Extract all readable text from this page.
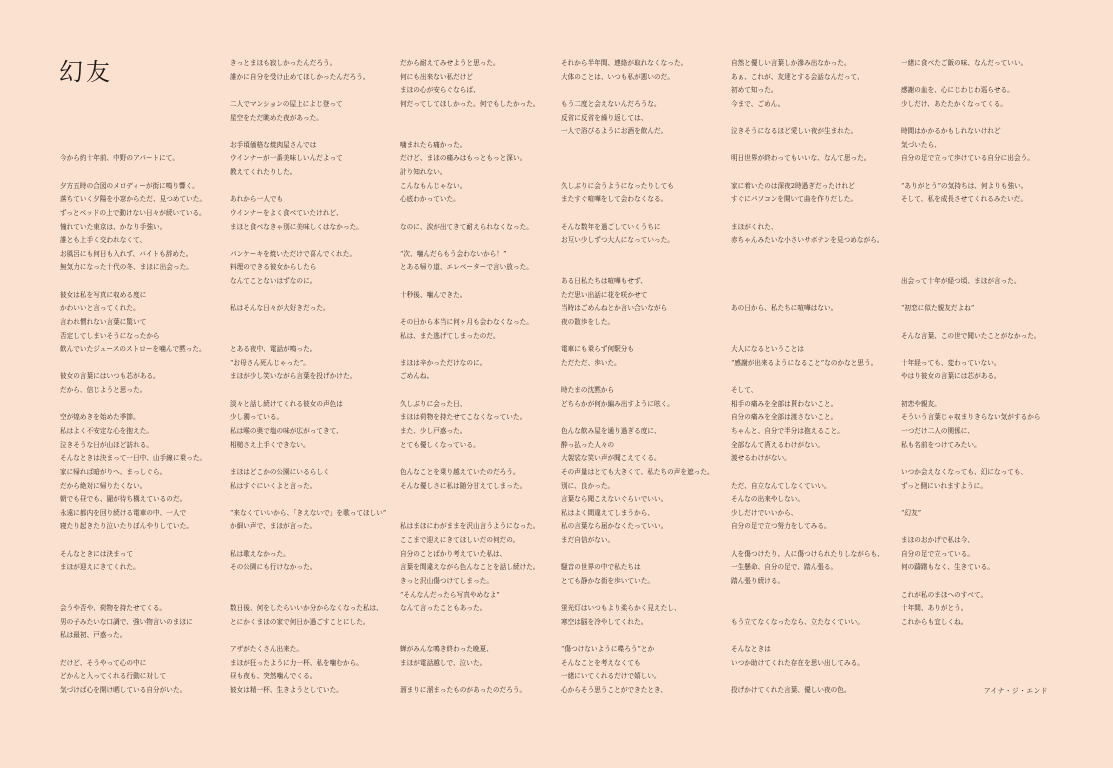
幻友
今から約十年前、中野のアパートにて。
夕方五時の合図のメロディーが街に鳴り響く。
落ちていく夕陽を小窓からただ、見つめていた。
ずっとベッドの上で動けない日々が続いている。
憧れていた東京は、かなり手強い。
誰とも上手く交われなくて、
お風呂にも何日も入れず、バイトも辞めた。
無気力になった十代の冬、まほに出会った。
彼女は私を写真に収める度に
かわいいと言ってくれた。
言われ慣れない言葉に驚いて
否定してしまいそうになったから
飲んでいたジュースのストローを噛んで黙った。
彼女の言葉にはいつも芯がある。
だから、信じようと思った。
空が煌めきを始めた季節。
私はよく不安定な心を抱えた。
泣きそうな日が山ほど訪れる。
そんなときは決まって一日中、山手線に乗った。
家に帰れば暗がりへ、まっしぐら。
だから絶対に帰りたくない。
朝でも昼でも、闇が待ち構えているのだ。
永遠に都内を回り続ける電車の中、一人で
寝たり起きたり泣いたりぼんやりしていた。
そんなときには決まって
まほが迎えにきてくれた。
会うや否や、荷物を持たせてくる。
男の子みたいな口調で、強い物言いのまほに
私は最初、戸惑った。
だけど、そうやって心の中に
どかんと入ってくれる行動に対して
気づけば心を開け晒している自分がいた。
きっとまほも寂しかったんだろう。
誰かに自分を受け止めてほしかったんだろう。
二人でマンションの屋上によじ登って
星空をただ眺めた夜があった。
お手頃価格な焼肉屋さんでは
ウインナーが一番美味しいんだよって
教えてくれたりした。
あれから一人でも
ウインナーをよく食べていたけれど、
まほと食べなきゃ別に美味しくはなかった。
パンケーキを焼いただけで喜んでくれた。
料理のできる彼女からしたら
なんてことないはずなのに。
私はそんな日々が大好きだった。
とある夜中、電話が鳴った。
“お母さん死んじゃった”。
まほが少し笑いながら言葉を投げかけた。
淡々と話し続けてくれる彼女の声色は
少し濁っている。
私は喉の奥で塩の味が広がってきて、
相槌さえ上手くできない。
まほはどこかの公園にいるらしく
私はすぐにいくよと言った。
“来なくていいから、「きえないで」を歌ってほしい”
か細い声で、まほが言った。
私は歌えなかった。
その公園にも行けなかった。
数日後、何をしたらいいか分からなくなった私は、
とにかくまほの家で何日か過ごすことにした。
アザがたくさん出来た。
まほが狂ったように力一杯、私を噛むから。
昼も夜も、突然噛んでくる。
彼女は精一杯、生きようとしていた。
だから耐えてみせようと思った。
何にも出来ない私だけど
まほの心が安らぐならば、
何だってしてほしかった。何でもしたかった。
噛まれたら痛かった。
だけど、まほの痛みはもっともっと深い。
計り知れない。
こんなもんじゃない。
心底わかっていた。
なのに、涙が出てきて耐えられなくなった。
“次、噛んだらもう会わないから！”
とある帰り道、エレベーターで言い放った。
十秒後、噛んできた。
その日から本当に何ヶ月も会わなくなった。
私は、また逃げてしまったのだ。
まほは辛かっただけなのに。
ごめんね。
久しぶりに会った日、
まほは荷物を持たせてこなくなっていた。
また、少し戸惑った。
とても優しくなっている。
色んなことを乗り越えていたのだろう。
そんな優しさに私は随分甘えてしまった。
私はまほにわがままを沢山言うようになった。
ここまで迎えにきてほしいだの何だの。
自分のことばかり考えていた私は、
言葉を間違えながら色んなことを話し続けた。
きっと沢山傷つけてしまった。
“そんなんだったら写真やめなよ”
なんて言ったこともあった。
蝉がみんな鳴き終わった晩夏、
まほが電話越しで、泣いた。
溜まりに溜まったものがあったのだろう。
それから半年間、連絡が取れなくなった。
大体のことは、いつも私が悪いのだ。
もう二度と会えないんだろうな。
反省に反省を繰り返しては、
一人で浴びるようにお酒を飲んだ。
久しぶりに会うようになったりしても
またすぐ喧嘩をして会わなくなる。
そんな数年を過ごしていくうちに
お互い少しずつ大人になっていった。
ある日私たちは喧嘩もせず、
ただ思い出話に花を咲かせて
当時はごめんねとか言い合いながら
夜の散歩をした。
電車にも乗らず何駅分も
ただただ、歩いた。
時たまの沈黙から
どちらかが何か編み出すように呟く。
色んな飲み屋を通り過ぎる度に、
酔っ払った人々の
大袈裟な笑い声が聞こえてくる。
その声量はとても大きくて、私たちの声を遮った。
別に、良かった。
言葉なら聞こえないぐらいでいい。
私はよく間違えてしまうから、
私の言葉なら届かなくたっていい。
まだ自信がない。
騒音の世界の中で私たちは
とても静かな街を歩いていた。
蛍光灯はいつもより柔らかく見えたし、
寒空は脳を冷やしてくれた。
“傷つけないように喋ろう”とか
そんなことを考えなくても
一緒にいてくれるだけで嬉しい。
心からそう思うことができたとき、
自然と優しい言葉しか滲み出なかった。
あぁ、これが、友達とする会話なんだって、
初めて知った。
今まで、ごめん。
泣きそうになるほど愛しい夜が生まれた。
明日世界が終わってもいいな、なんて思った。
家に着いたのは深夜2時過ぎだったけれど
すぐにパソコンを開いて曲を作りだした。
まほがくれた、
赤ちゃんみたいな小さいサボテンを見つめながら。
あの日から、私たちに喧嘩はない。
大人になるということは
“感謝が出来るようになること”なのかなと思う。
そして、
相手の痛みを全部は貰わないこと。
自分の痛みを全部は渡さないこと。
ちゃんと、自分で半分は抱えること。
全部なんて貰えるわけがない。
渡せるわけがない。
ただ、自立なんてしなくていい。
そんなの出来やしない。
少しだけでいいから、
自分の足で立つ努力をしてみる。
人を傷つけたり、人に傷つけられたりしながらも、
一生懸命、自分の足で、踏ん張る。
踏ん張り続ける。
もう立てなくなったなら、立たなくていい。
そんなときは
いつか助けてくれた存在を思い出してみる。
投げかけてくれた言葉、優しい夜の色。
一緒に食べたご飯の味、なんだっていい。
感謝の血を、心にじわじわ巡らせる。
少しだけ、あたたかくなってくる。
時間はかかるかもしれないけれど
気づいたら、
自分の足で立って歩けている自分に出会う。
“ありがとう”の気持ちは、何よりも強い。
そして、私を成長させてくれるみたいだ。
出会って十年が経つ頃、まほが言った。
“初恋に似た親友だよね”
そんな言葉、この世で聞いたことがなかった。
十年経っても、変わっていない。
やはり彼女の言葉には芯がある。
初恋や親友。
そういう言葉じゃ収まりきらない気がするから
一つだけ二人の関係に、
私も名前をつけてみたい。
いつか会えなくなっても、幻になっても、
ずっと側にいれますように。
“幻友”
まほのおかげで私は今、
自分の足で立っている。
何の躊躇もなく、生きている。
これが私のまほへのすべて。
十年間、ありがとう。
これからも宜しくね。
アイナ・ジ・エンド
